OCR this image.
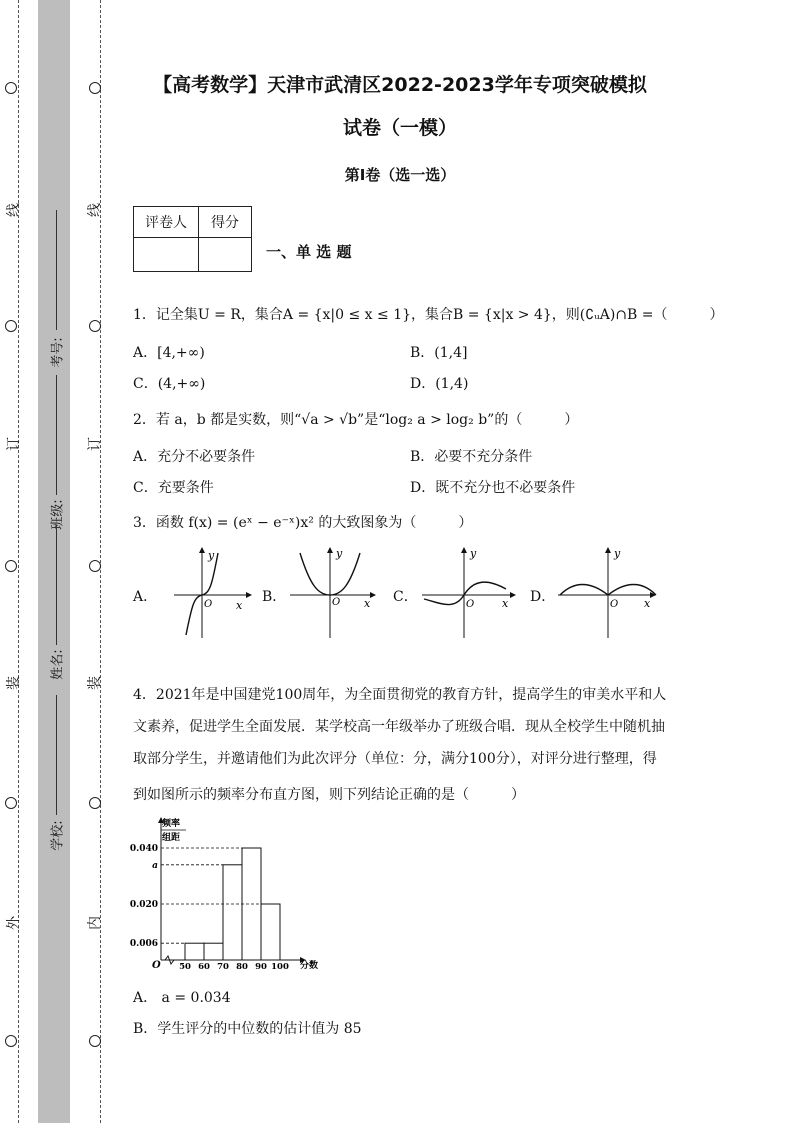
线
订
装
外
线
订
装
内
考号:
班级:
姓名:
学校:
【高考数学】天津市武清区2022-2023学年专项突破模拟
试卷（一模）
第I卷（选一选）
评卷人	得分

一、单 选 题
1．记全集U = R，集合A = {x|0 ≤ x ≤ 1}，集合B = {x|x > 4}，则(∁ᵤA)∩B =（　　　）
A．[4,+∞)	B．(1,4]
C．(4,+∞)	D．(1,4)
2．若 a，b 都是实数，则“√a > √b”是“log₂ a > log₂ b”的（　　　）
A．充分不必要条件	B．必要不充分条件
C．充要条件	D．既不充分也不必要条件
3．函数 f(x) = (eˣ − e⁻ˣ)x² 的大致图象为（　　　）
A．
y
x
O	B．
y
x
O	C．
y
x
O	D．
y
x
O
4．2021年是中国建党100周年，为全面贯彻党的教育方针，提高学生的审美水平和人
文素养，促进学生全面发展．某学校高一年级举办了班级合唱．现从全校学生中随机抽
取部分学生，并邀请他们为此次评分（单位：分，满分100分），对评分进行整理，得
到如图所示的频率分布直方图，则下列结论正确的是（　　　）
0.006
0.020
a
0.040
50 60 70 80 90 100
频率
组距
O	分数
A． a = 0.034
B．学生评分的中位数的估计值为 85
